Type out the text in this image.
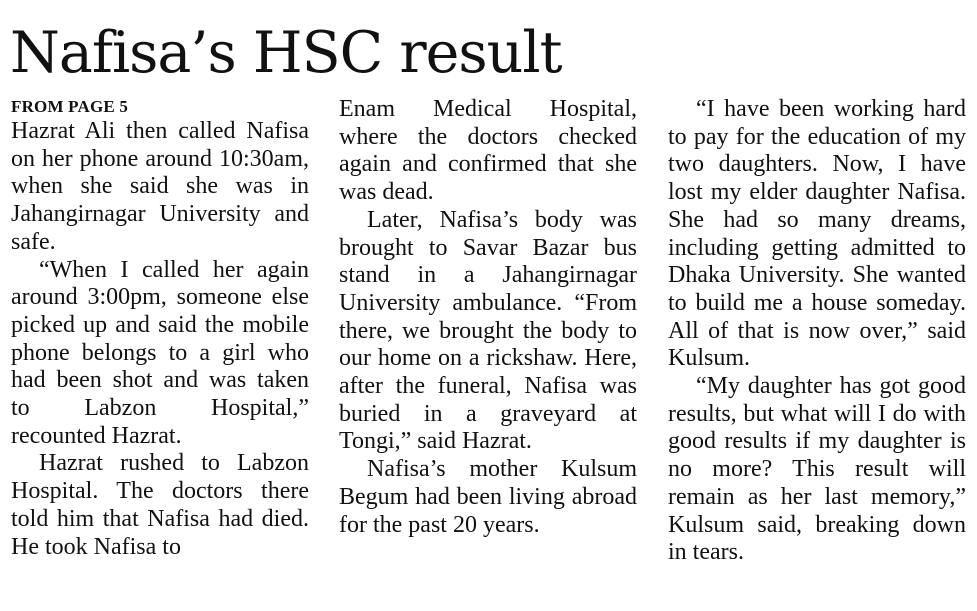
Nafisa’s HSC result

FROM PAGE 5

Hazrat Ali then called Nafisa on her phone around 10:30am, when she said she was in Jahangirnagar University and safe.

“When I called her again around 3:00pm, someone else picked up and said the mobile phone belongs to a girl who had been shot and was taken to Labzon Hospital,” recounted Hazrat.

Hazrat rushed to Labzon Hospital. The doctors there told him that Nafisa had died. He took Nafisa to

Enam Medical Hospital, where the doctors checked again and confirmed that she was dead.

Later, Nafisa’s body was brought to Savar Bazar bus stand in a Jahangirnagar University ambulance. “From there, we brought the body to our home on a rickshaw. Here, after the funeral, Nafisa was buried in a graveyard at Tongi,” said Hazrat.

Nafisa’s mother Kulsum Begum had been living abroad for the past 20 years.

“I have been working hard to pay for the education of my two daughters. Now, I have lost my elder daughter Nafisa. She had so many dreams, including getting admitted to Dhaka University. She wanted to build me a house someday. All of that is now over,” said Kulsum.

“My daughter has got good results, but what will I do with good results if my daughter is no more? This result will remain as her last memory,” Kulsum said, breaking down in tears.
